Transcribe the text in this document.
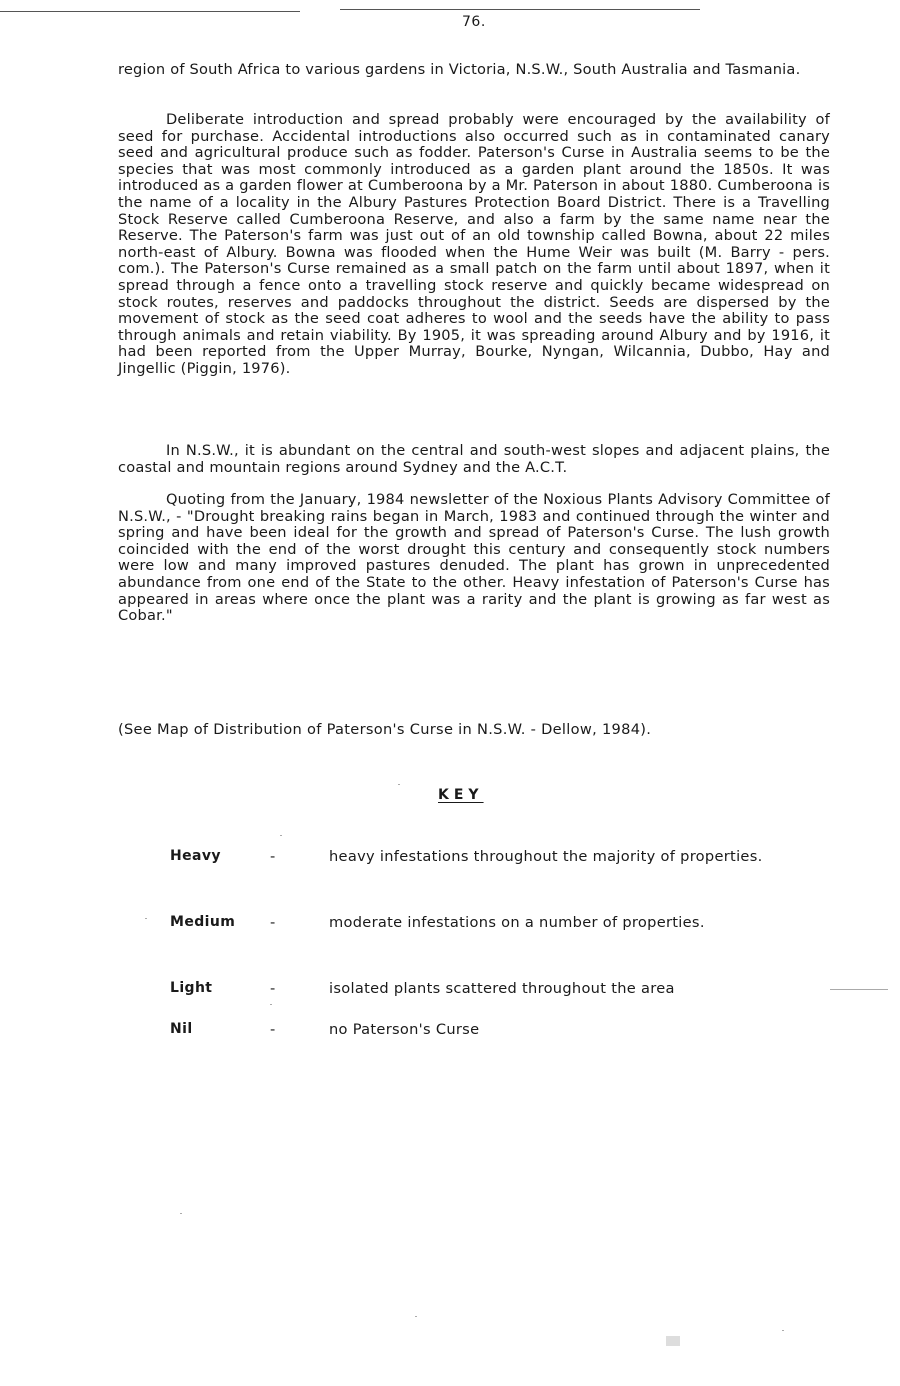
76.

region of South Africa to various gardens in Victoria, N.S.W., South Australia and Tasmania.

Deliberate introduction and spread probably were encouraged by the availability of seed for purchase. Accidental introductions also occurred such as in contaminated canary seed and agricultural produce such as fodder. Paterson's Curse in Australia seems to be the species that was most commonly introduced as a garden plant around the 1850s. It was introduced as a garden flower at Cumberoona by a Mr. Paterson in about 1880. Cumberoona is the name of a locality in the Albury Pastures Protection Board District. There is a Travelling Stock Reserve called Cumberoona Reserve, and also a farm by the same name near the Reserve. The Paterson's farm was just out of an old township called Bowna, about 22 miles north-east of Albury. Bowna was flooded when the Hume Weir was built (M. Barry - pers. com.). The Paterson's Curse remained as a small patch on the farm until about 1897, when it spread through a fence onto a travelling stock reserve and quickly became widespread on stock routes, reserves and paddocks throughout the district. Seeds are dispersed by the movement of stock as the seed coat adheres to wool and the seeds have the ability to pass through animals and retain viability. By 1905, it was spreading around Albury and by 1916, it had been reported from the Upper Murray, Bourke, Nyngan, Wilcannia, Dubbo, Hay and Jingellic (Piggin, 1976).

In N.S.W., it is abundant on the central and south-west slopes and adjacent plains, the coastal and mountain regions around Sydney and the A.C.T.

Quoting from the January, 1984 newsletter of the Noxious Plants Advisory Committee of N.S.W., - "Drought breaking rains began in March, 1983 and continued through the winter and spring and have been ideal for the growth and spread of Paterson's Curse. The lush growth coincided with the end of the worst drought this century and consequently stock numbers were low and many improved pastures denuded. The plant has grown in unprecedented abundance from one end of the State to the other. Heavy infestation of Paterson's Curse has appeared in areas where once the plant was a rarity and the plant is growing as far west as Cobar."

(See Map of Distribution of Paterson's Curse in N.S.W. - Dellow, 1984).

KEY

Heavy	-	heavy infestations throughout the majority of properties.
Medium -	moderate infestations on a number of properties.
Light	-	isolated plants scattered throughout the area
Nil	-	no Paterson's Curse
